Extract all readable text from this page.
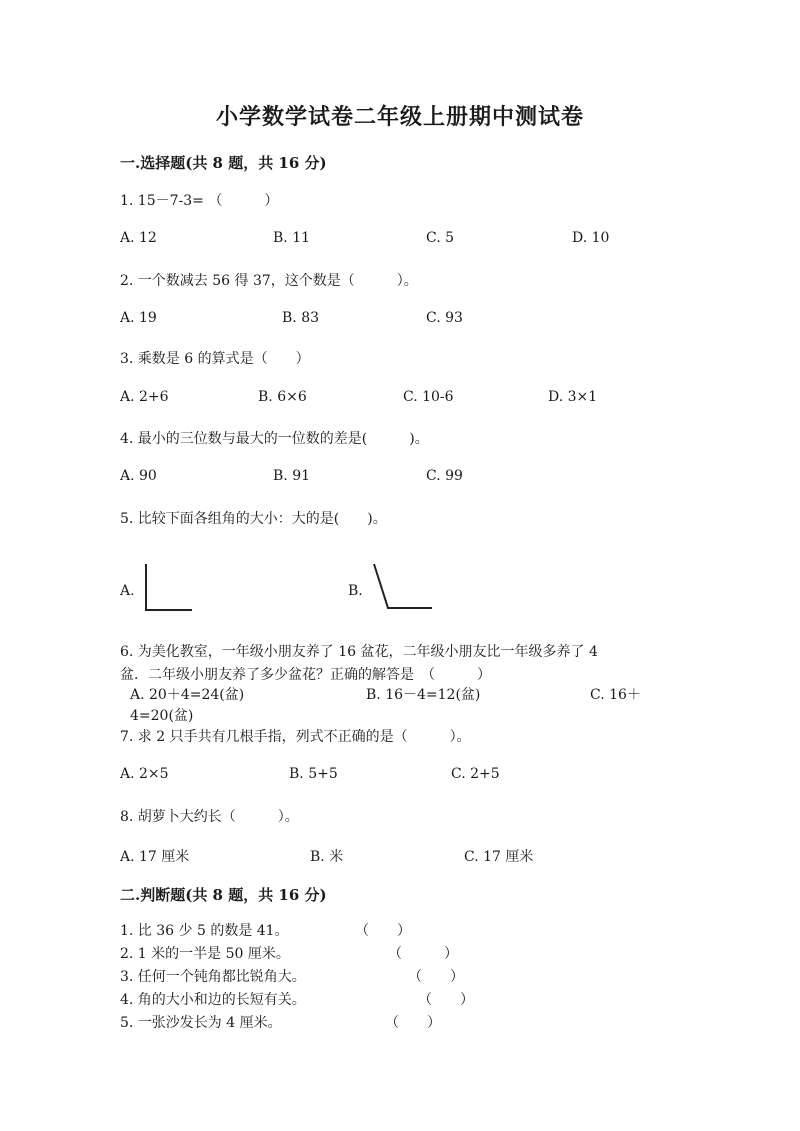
小学数学试卷二年级上册期中测试卷
一.选择题(共 8 题，共 16 分)
1. 15－7-3= （　　　）
A. 12	B. 11	C. 5	D. 10
2. 一个数减去 56 得 37，这个数是（　　　）。
A. 19	B. 83	C. 93
3. 乘数是 6 的算式是（　　）
A. 2+6	B. 6×6	C. 10-6	D. 3×1
4. 最小的三位数与最大的一位数的差是(　　　)。
A. 90	B. 91	C. 99
5. 比较下面各组角的大小：大的是(　　)。
A.	B.
6. 为美化教室，一年级小朋友养了 16 盆花，二年级小朋友比一年级多养了 4
盆．二年级小朋友养了多少盆花？正确的解答是　（　　　）
A. 20＋4=24(盆)	B. 16－4=12(盆)	C. 16＋
4=20(盆)
7. 求 2 只手共有几根手指，列式不正确的是（　　　）。
A. 2×5	B. 5+5	C. 2+5
8. 胡萝卜大约长（　　　）。
A. 17 厘米	B. 米	C. 17 厘米
二.判断题(共 8 题，共 16 分)
1. 比 36 少 5 的数是 41。	（　　）
2. 1 米的一半是 50 厘米。	（　　　）
3. 任何一个钝角都比锐角大。	（　　）
4. 角的大小和边的长短有关。	（　　）
5. 一张沙发长为 4 厘米。	（　　）
